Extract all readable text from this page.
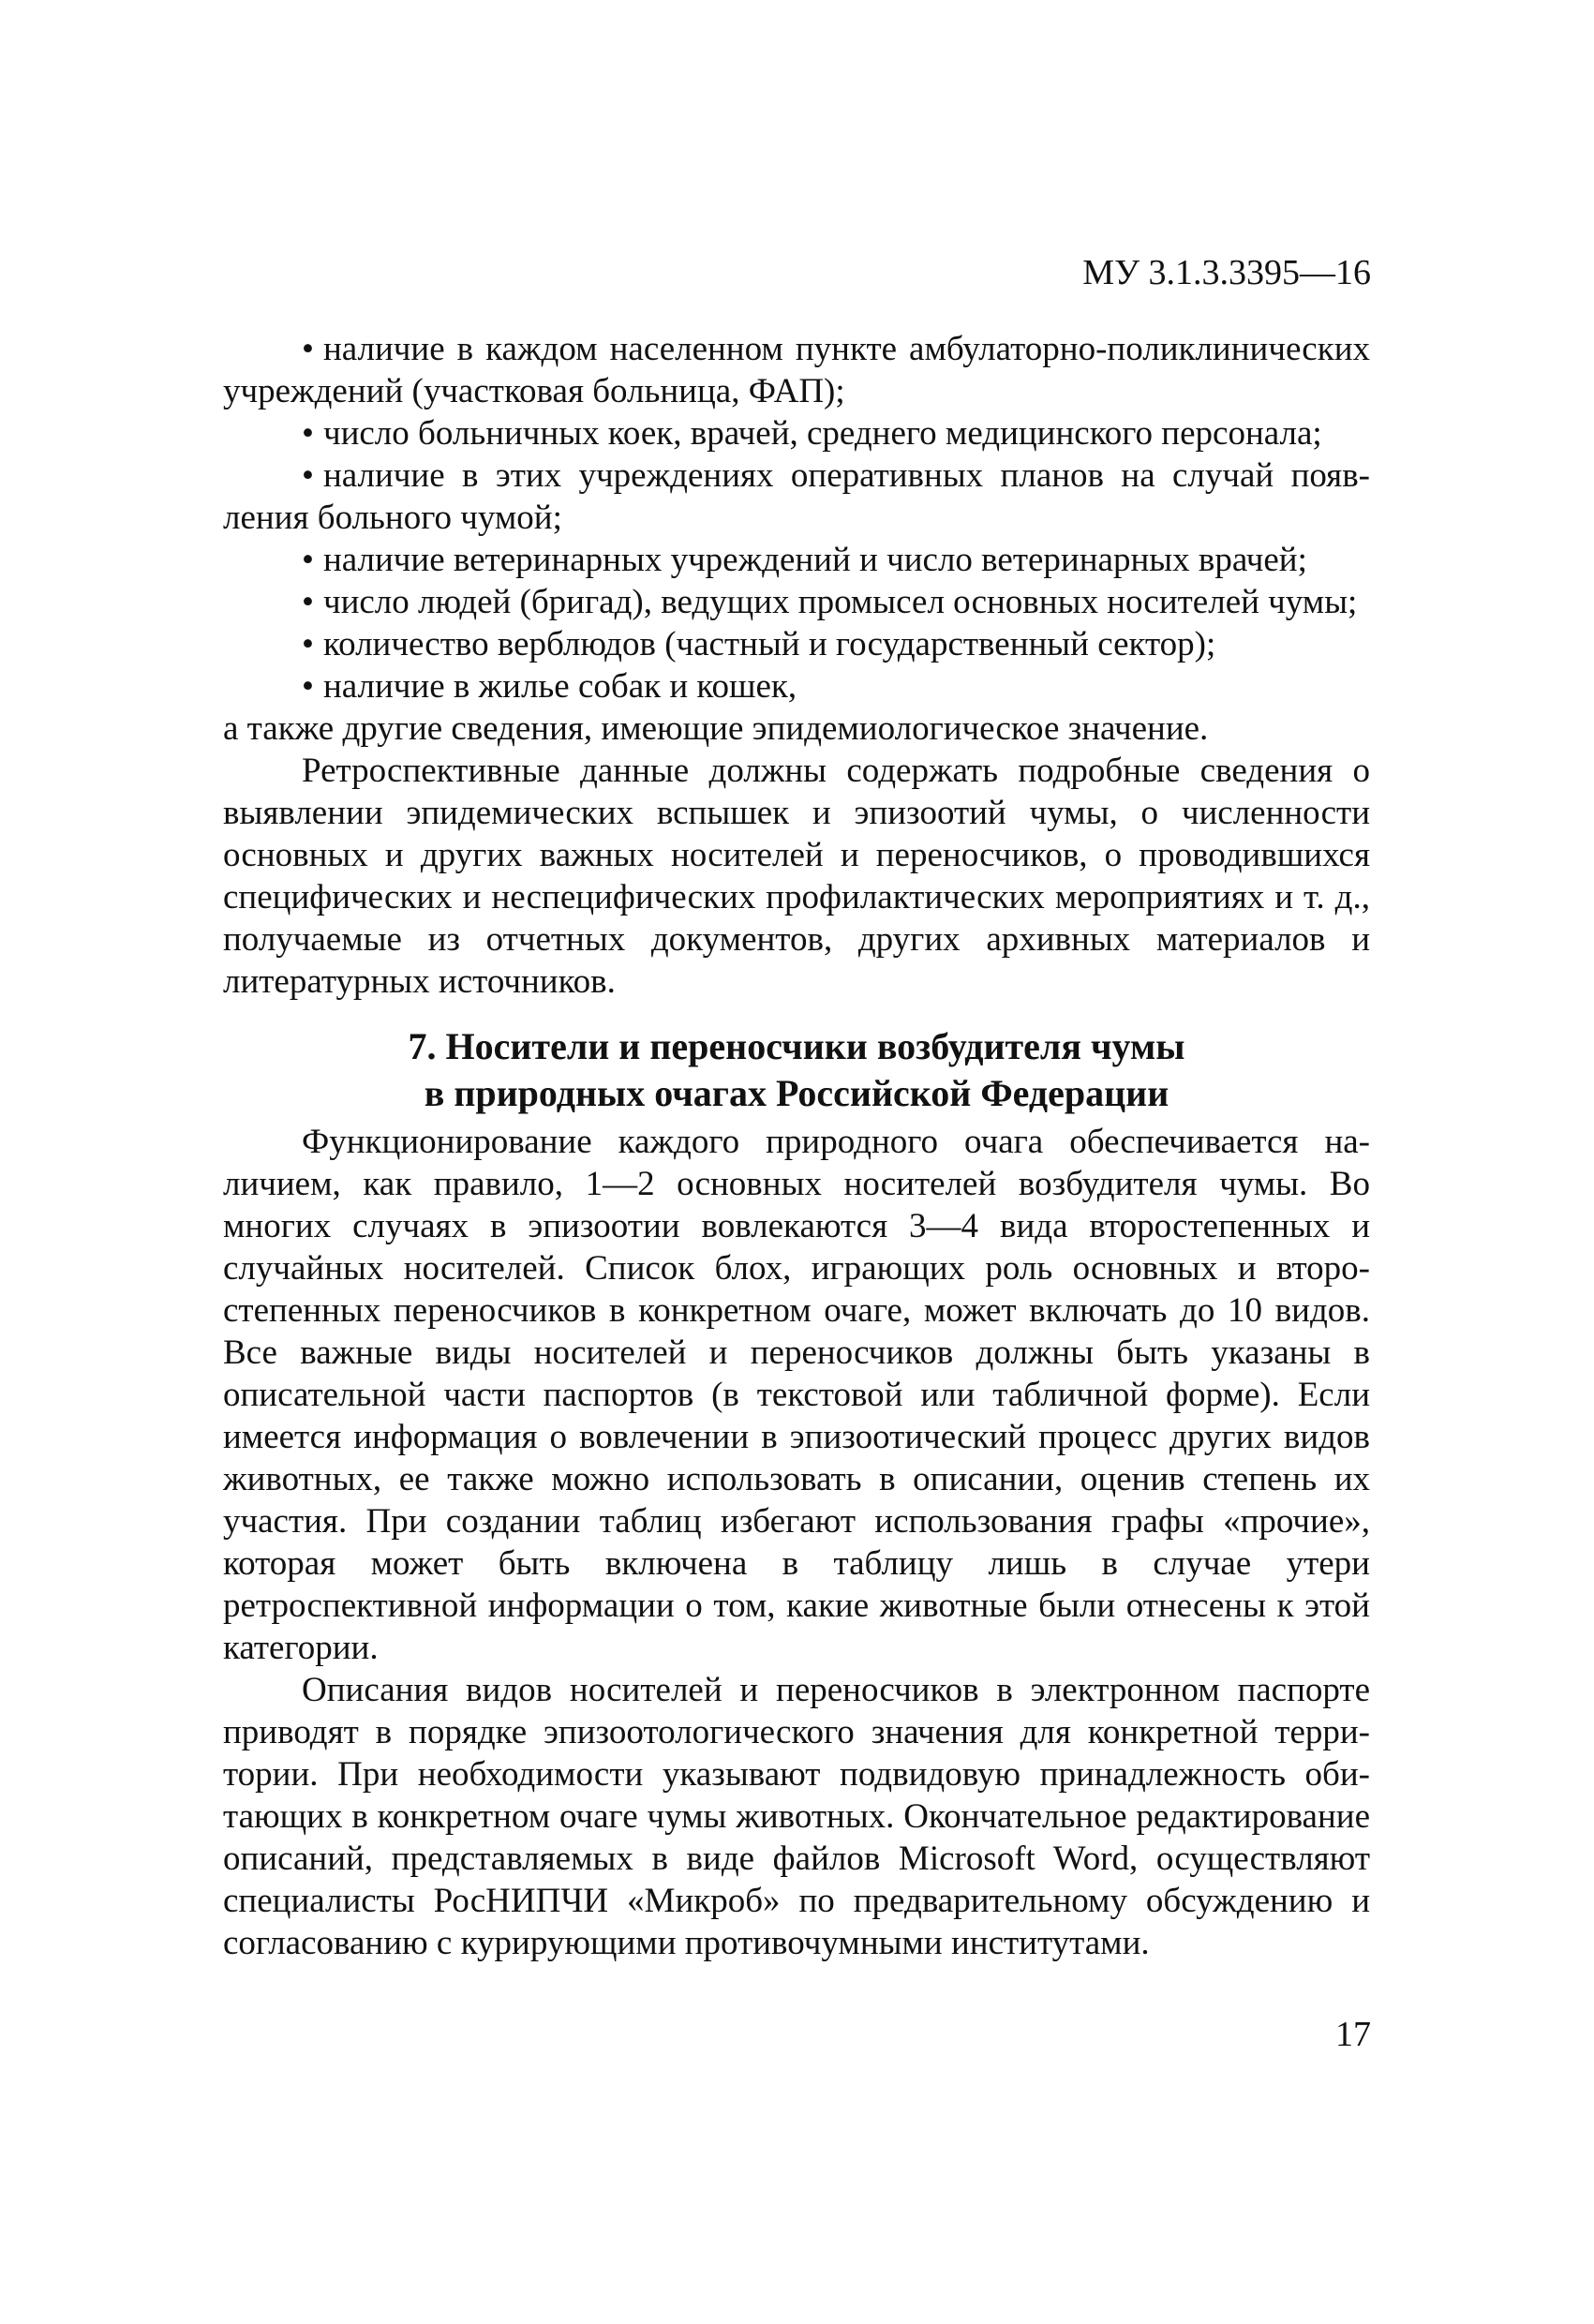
МУ 3.1.3.3395—16

• наличие в каждом населенном пункте амбулаторно-поликлинических учреждений (участковая больница, ФАП);

• число больничных коек, врачей, среднего медицинского персонала;

• наличие в этих учреждениях оперативных планов на случай появления больного чумой;

• наличие ветеринарных учреждений и число ветеринарных врачей;

• число людей (бригад), ведущих промысел основных носителей чумы;

• количество верблюдов (частный и государственный сектор);

• наличие в жилье собак и кошек,

а также другие сведения, имеющие эпидемиологическое значение.

Ретроспективные данные должны содержать подробные сведения о выявлении эпидемических вспышек и эпизоотий чумы, о численности основных и других важных носителей и переносчиков, о проводившихся специфических и неспецифических профилактических мероприятиях и т. д., получаемые из отчетных документов, других архивных материалов и литературных источников.

7. Носители и переносчики возбудителя чумы
в природных очагах Российской Федерации

Функционирование каждого природного очага обеспечивается наличием, как правило, 1—2 основных носителей возбудителя чумы. Во многих случаях в эпизоотии вовлекаются 3—4 вида второстепенных и случайных носителей. Список блох, играющих роль основных и второстепенных переносчиков в конкретном очаге, может включать до 10 видов. Все важные виды носителей и переносчиков должны быть указаны в описательной части паспортов (в текстовой или табличной форме). Если имеется информация о вовлечении в эпизоотический процесс других видов животных, ее также можно использовать в описании, оценив степень их участия. При создании таблиц избегают использования графы «прочие», которая может быть включена в таблицу лишь в случае утери ретроспективной информации о том, какие животные были отнесены к этой категории.

Описания видов носителей и переносчиков в электронном паспорте приводят в порядке эпизоотологического значения для конкретной территории. При необходимости указывают подвидовую принадлежность обитающих в конкретном очаге чумы животных. Окончательное редактирование описаний, представляемых в виде файлов Microsoft Word, осуществляют специалисты РосНИПЧИ «Микроб» по предварительному обсуждению и согласованию с курирующими противочумными институтами.

17
